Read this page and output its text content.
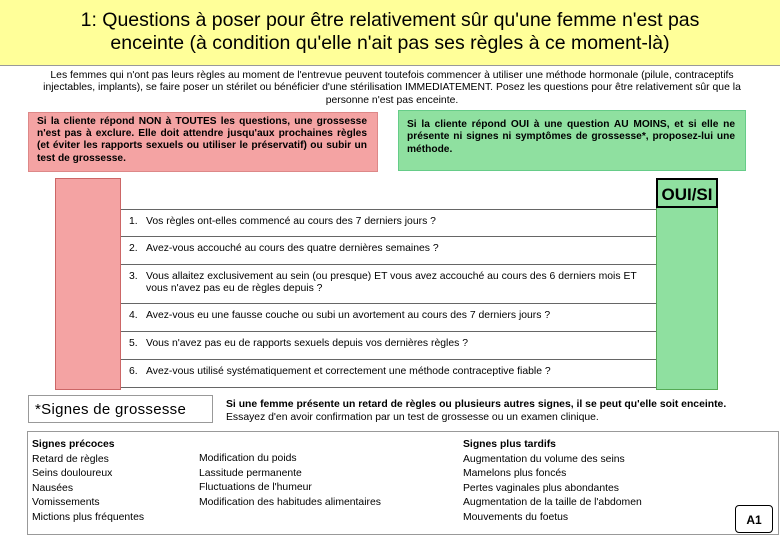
1: Questions à poser pour être relativement sûr qu'une femme n'est pas
enceinte (à condition qu'elle n'ait pas ses règles à ce moment-là)
Les femmes qui n'ont pas leurs règles au moment de l'entrevue peuvent toutefois commencer à utiliser une méthode hormonale (pilule, contraceptifs injectables, implants), se faire poser un stérilet ou bénéficier d'une stérilisation IMMEDIATEMENT. Posez les questions pour être relativement sûr que la personne n'est pas enceinte.
Si la cliente répond NON à TOUTES les questions, une grossesse n'est pas à exclure. Elle doit attendre jusqu'aux prochaines règles (et éviter les rapports sexuels ou utiliser le préservatif) ou subir un test de grossesse.
Si la cliente répond OUI à une question AU MOINS, et si elle ne présente ni signes ni symptômes de grossesse*, proposez-lui une méthode.
OUI/SI
1. Vos règles ont-elles commencé au cours des 7 derniers jours ?
2. Avez-vous accouché au cours des quatre dernières semaines ?
3. Vous allaitez exclusivement au sein (ou presque) ET vous avez accouché au cours des 6 derniers mois ET vous n'avez pas eu de règles depuis ?
4. Avez-vous eu une fausse couche ou subi un avortement au cours des 7 derniers jours ?
5. Vous n'avez pas eu de rapports sexuels depuis vos dernières règles ?
6. Avez-vous utilisé systématiquement et correctement une méthode contraceptive fiable ?
*Signes de grossesse	Si une femme présente un retard de règles ou plusieurs autres signes, il se peut qu'elle soit enceinte. Essayez d'en avoir confirmation par un test de grossesse ou un examen clinique.
Signes précoces
Retard de règles
Seins douloureux
Nausées
Vomissements
Mictions plus fréquentes
Modification du poids
Lassitude permanente
Fluctuations de l'humeur
Modification des habitudes alimentaires
Signes plus tardifs
Augmentation du volume des seins
Mamelons plus foncés
Pertes vaginales plus abondantes
Augmentation de la taille de l'abdomen
Mouvements du foetus	A1
